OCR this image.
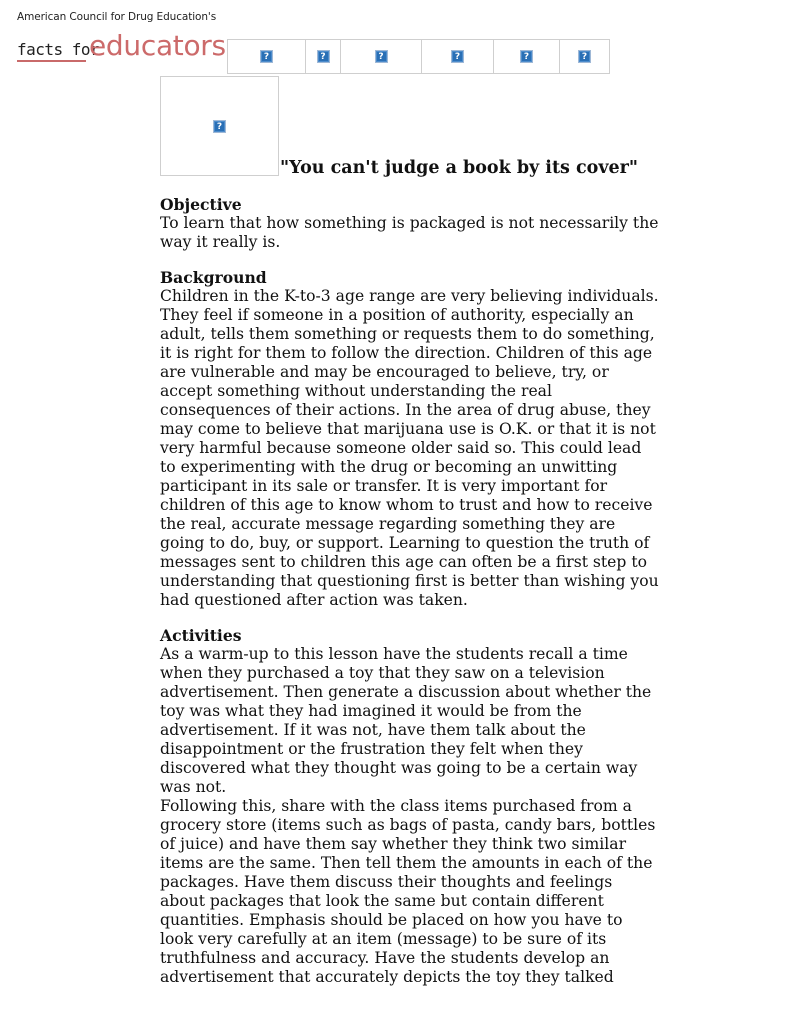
American Council for Drug Education's
facts for
educators	?	?	?	?	?	?
?
"You can't judge a book by its cover"
Objective

To learn that how something is packaged is not necessarily the way it really is.

Background

Children in the K-to-3 age range are very believing individuals. They feel if someone in a position of authority, especially an adult, tells them something or requests them to do something, it is right for them to follow the direction. Children of this age are vulnerable and may be encouraged to believe, try, or accept something without understanding the real consequences of their actions. In the area of drug abuse, they may come to believe that marijuana use is O.K. or that it is not very harmful because someone older said so. This could lead to experimenting with the drug or becoming an unwitting participant in its sale or transfer. It is very important for children of this age to know whom to trust and how to receive the real, accurate message regarding something they are going to do, buy, or support. Learning to question the truth of messages sent to children this age can often be a first step to understanding that questioning first is better than wishing you had questioned after action was taken.

Activities

As a warm-up to this lesson have the students recall a time when they purchased a toy that they saw on a television advertisement. Then generate a discussion about whether the toy was what they had imagined it would be from the advertisement. If it was not, have them talk about the disappointment or the frustration they felt when they discovered what they thought was going to be a certain way was not.

Following this, share with the class items purchased from a grocery store (items such as bags of pasta, candy bars, bottles of juice) and have them say whether they think two similar items are the same. Then tell them the amounts in each of the packages. Have them discuss their thoughts and feelings about packages that look the same but contain different quantities. Emphasis should be placed on how you have to look very carefully at an item (message) to be sure of its truthfulness and accuracy. Have the students develop an advertisement that accurately depicts the toy they talked
